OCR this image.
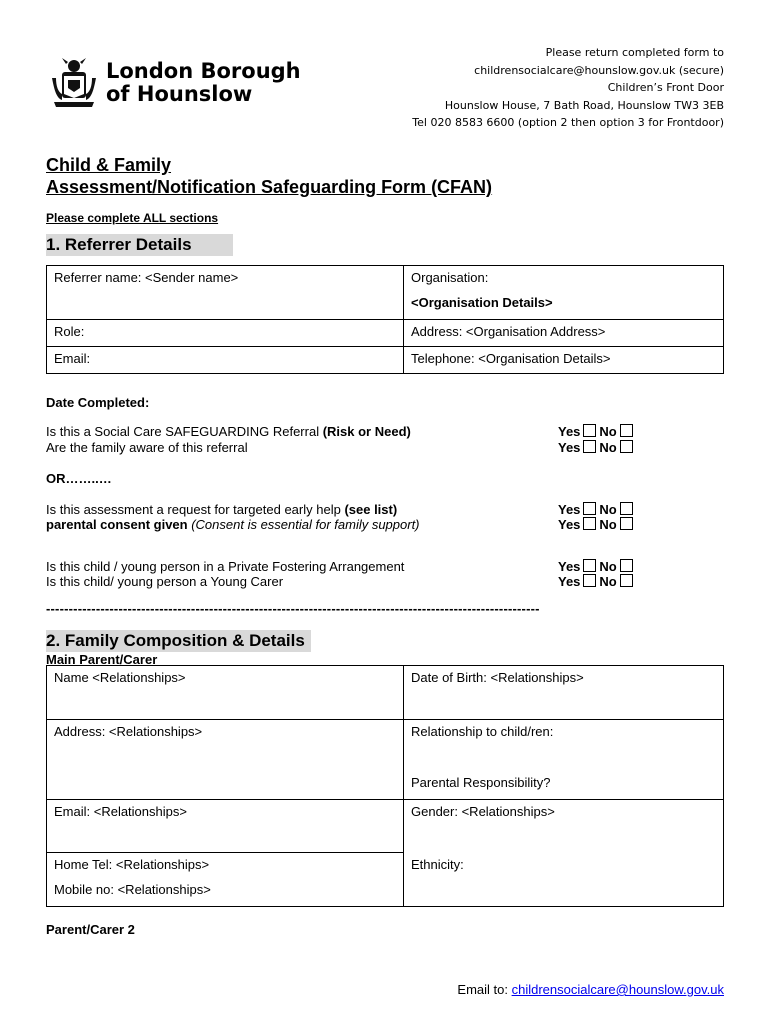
London Borough
of Hounslow
Please return completed form to
childrensocialcare@hounslow.gov.uk (secure)
Children’s Front Door
Hounslow House, 7 Bath Road, Hounslow TW3 3EB
Tel 020 8583 6600 (option 2 then option 3 for Frontdoor)
Child & Family
Assessment/Notification Safeguarding Form (CFAN)
Please complete ALL sections
1. Referrer Details
Referrer name: <Sender name>	Organisation:
<Organisation Details>

Role:	Address: <Organisation Address>
Email:	Telephone: <Organisation Details>
Date Completed:
Is this a Social Care SAFEGUARDING Referral (Risk or Need)
Are the family aware of this referral
Yes No
Yes No
OR……..…
Is this assessment a request for targeted early help (see list)
parental consent given (Consent is essential for family support)
Yes No
Yes No
Is this child / young person in a Private Fostering Arrangement
Is this child/ young person a Young Carer
Yes No
Yes No
-------------------------------------------------------------------------------------------------------------
2. Family Composition & Details
Main Parent/Carer
Name <Relationships>	Date of Birth: <Relationships>
Address: <Relationships>	Relationship to child/ren:
Parental Responsibility?

Email: <Relationships>	Gender: <Relationships>
Ethnicity:

Home Tel: <Relationships>
Mobile no: <Relationships>	
Parent/Carer 2
Email to: childrensocialcare@hounslow.gov.uk
